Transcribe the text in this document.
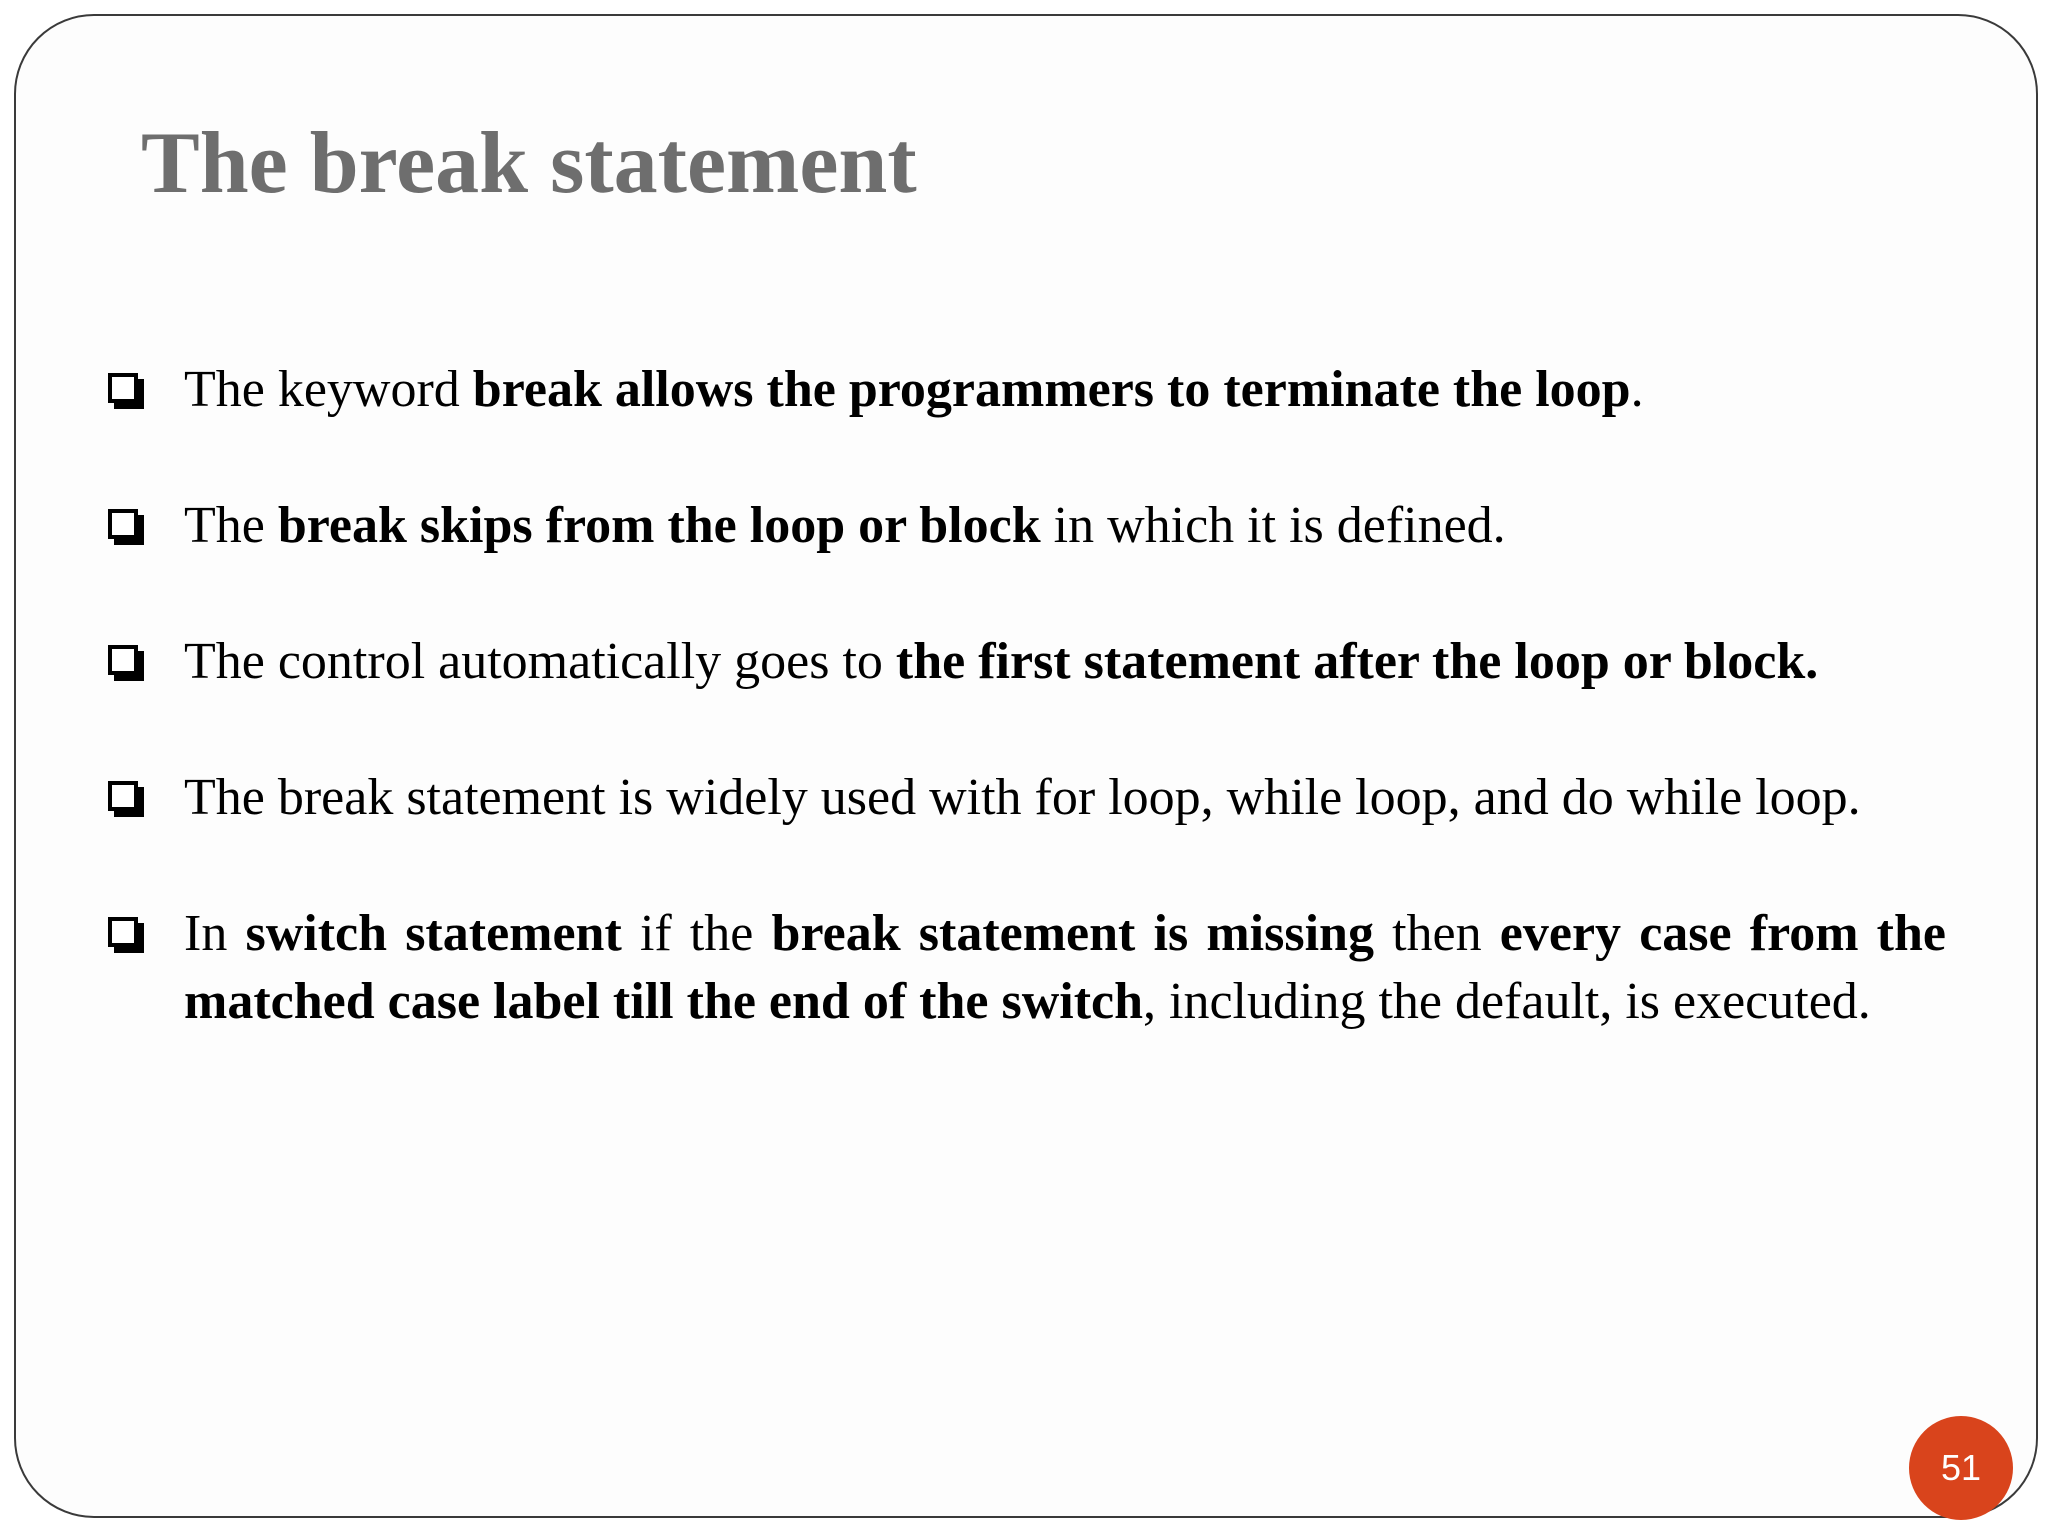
The break statement
The keyword break allows the programmers to terminate the loop.
The break skips from the loop or block in which it is defined.
The control automatically goes to the first statement after the loop or block.
The break statement is widely used with for loop, while loop, and do while loop.
In switch statement if the break statement is missing then every case from the matched case label till the end of the switch, including the default, is executed.
51
